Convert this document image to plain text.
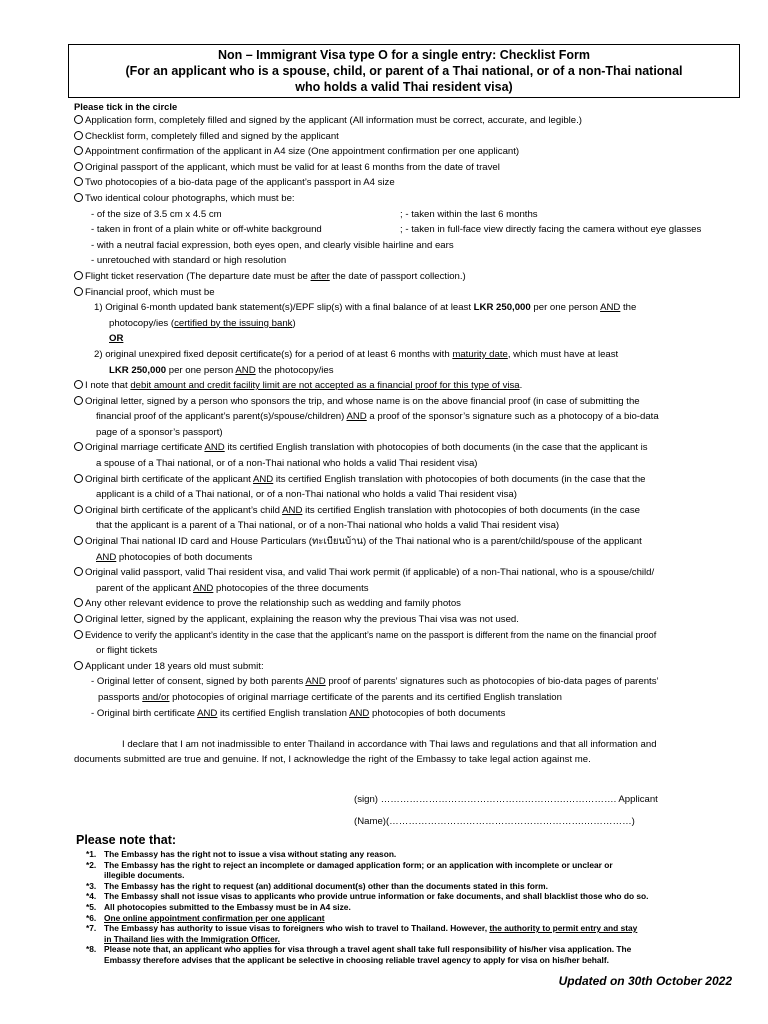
Non – Immigrant Visa type O for a single entry: Checklist Form
(For an applicant who is a spouse, child, or parent of a Thai national, or of a non-Thai national
who holds a valid Thai resident visa)
Please tick in the circle
Application form, completely filled and signed by the applicant (All information must be correct, accurate, and legible.)
Checklist form, completely filled and signed by the applicant
Appointment confirmation of the applicant in A4 size (One appointment confirmation per one applicant)
Original passport of the applicant, which must be valid for at least 6 months from the date of travel
Two photocopies of a bio-data page of the applicant’s passport in A4 size
Two identical colour photographs, which must be:
- of the size of 3.5 cm x 4.5 cm	; - taken within the last 6 months
- taken in front of a plain white or off-white background	; - taken in full-face view directly facing the camera without eye glasses
- with a neutral facial expression, both eyes open, and clearly visible hairline and ears
- unretouched with standard or high resolution
Flight ticket reservation (The departure date must be after the date of passport collection.)
Financial proof, which must be
1) Original 6-month updated bank statement(s)/EPF slip(s) with a final balance of at least LKR 250,000 per one person AND the
photocopy/ies (certified by the issuing bank)
OR
2) original unexpired fixed deposit certificate(s) for a period of at least 6 months with maturity date, which must have at least
LKR 250,000 per one person AND the photocopy/ies
I note that debit amount and credit facility limit are not accepted as a financial proof for this type of visa.
Original letter, signed by a person who sponsors the trip, and whose name is on the above financial proof (in case of submitting the
financial proof of the applicant’s parent(s)/spouse/children) AND a proof of the sponsor’s signature such as a photocopy of a bio-data
page of a sponsor’s passport)
Original marriage certificate AND its certified English translation with photocopies of both documents (in the case that the applicant is
a spouse of a Thai national, or of a non-Thai national who holds a valid Thai resident visa)
Original birth certificate of the applicant AND its certified English translation with photocopies of both documents (in the case that the
applicant is a child of a Thai national, or of a non-Thai national who holds a valid Thai resident visa)
Original birth certificate of the applicant’s child AND its certified English translation with photocopies of both documents (in the case
that the applicant is a parent of a Thai national, or of a non-Thai national who holds a valid Thai resident visa)
Original Thai national ID card and House Particulars (ทะเบียนบ้าน) of the Thai national who is a parent/child/spouse of the applicant
AND photocopies of both documents
Original valid passport, valid Thai resident visa, and valid Thai work permit (if applicable) of a non-Thai national, who is a spouse/child/
parent of the applicant AND photocopies of the three documents
Any other relevant evidence to prove the relationship such as wedding and family photos
Original letter, signed by the applicant, explaining the reason why the previous Thai visa was not used.
Evidence to verify the applicant’s identity in the case that the applicant’s name on the passport is different from the name on the financial proof
or flight tickets
Applicant under 18 years old must submit:
- Original letter of consent, signed by both parents AND proof of parents’ signatures such as photocopies of bio-data pages of parents’
passports and/or photocopies of original marriage certificate of the parents and its certified English translation
- Original birth certificate AND its certified English translation AND photocopies of both documents
I declare that I am not inadmissible to enter Thailand in accordance with Thai laws and regulations and that all information and
documents submitted are true and genuine. If not, I acknowledge the right of the Embassy to take legal action against me.
(sign) ………………………………………………….……………. Applicant
(Name)(…………………………………………………….……………)
Please note that:
*1. The Embassy has the right not to issue a visa without stating any reason.
*2. The Embassy has the right to reject an incomplete or damaged application form; or an application with incomplete or unclear or
illegible documents.
*3. The Embassy has the right to request (an) additional document(s) other than the documents stated in this form.
*4. The Embassy shall not issue visas to applicants who provide untrue information or fake documents, and shall blacklist those who do so.
*5. All photocopies submitted to the Embassy must be in A4 size.
*6. One online appointment confirmation per one applicant
*7. The Embassy has authority to issue visas to foreigners who wish to travel to Thailand. However, the authority to permit entry and stay
in Thailand lies with the Immigration Officer.
*8. Please note that, an applicant who applies for visa through a travel agent shall take full responsibility of his/her visa application. The
Embassy therefore advises that the applicant be selective in choosing reliable travel agency to apply for visa on his/her behalf.
Updated on 30th October 2022
